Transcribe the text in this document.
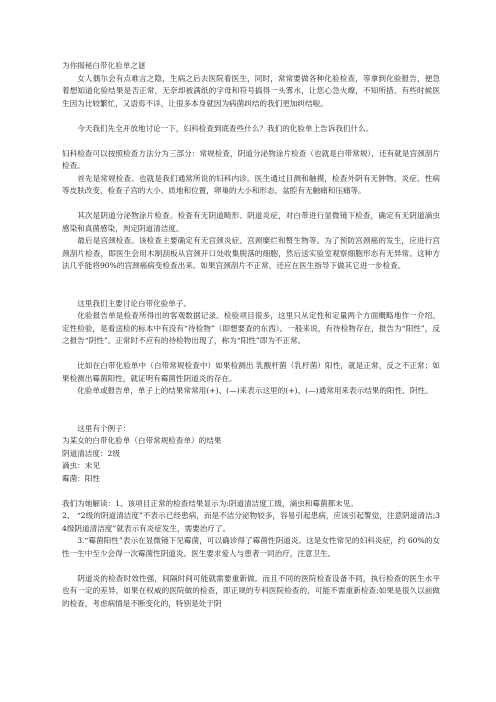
为你揭秘白带化验单之谜

女人偶尔会有点难言之隐，生病之后去医院看医生，同时，常常要做各种化验检查，等拿到化验报告，便急着想知道化验结果是否正常，无奈却被满纸的字母和符号搞得一头雾水，让您心急火燎，不知所措。有些时候医生因为比较繁忙，又语焉不详，让很多本身就因为病菌纠结的我们更加纠结啦。

今天我们先全开放地讨论一下，妇科检查到底查些什么？我们的化验单上告诉我们什么。

妇科检查可以按照检查方法分为三部分：常规检查，阴道分泌物涂片检查（也就是白带常规），还有就是宫颈刮片检查。

首先是常规检查。也就是我们通常所说的妇科内诊。医生通过目测和触摸，检查外阴有无肿物、炎症、性病等皮肤改变，检查子宫的大小、质地和位置，卵巢的大小和形态，盆腔有无触痛和压痛等。

其次是阴道分泌物涂片检查。检查有无阴道畸形、阴道炎症，对白带进行显微镜下检查，确定有无阴道滴虫感染和真菌感染，判定阴道清洁度。

最后是宫颈检查。该检查主要确定有无宫颈炎症、宫颈糜烂和赘生物等。为了预防宫颈癌的发生，应进行宫颈刮片检查，即医生会用木制刮板从宫颈开口处收集脱落的细胞，然后送实验室观察细胞形态有无异常。这种方法几乎能将90%的宫颈癌病变检查出来。如果宫颈刮片不正常，还应在医生指导下做其它进一步检查。

这里我们主要讨论白带化验单子。

化验报告单是检查所得出的客观数据记录。检验项目很多，这里只从定性和定量两个方面概略地作一介绍。定性检验，是看送检的标本中有没有“待检物”（即想要查的东西）。一般来说，有待检物存在，报告为“阳性”，反之报告“阴性”。正常时不应有的待检物出现了，称为“阳性”即为不正常。

比如在白带化验单中（白带常规检查中）如果检测出 乳酸杆菌（乳杆菌）阳性，就是正常，反之不正常；如果检测出霉菌阳性，就证明有霉菌性阴道炎的存在。

化验单或报告单，单子上的结果常常用(+)、(—)来表示这里的(+)、(—)通常用来表示结果的阳性、阴性。

这里有个例子：

为某女的白带化验单（白带常规检查单）的结果

阴道清洁度：2级

滴虫：未见

霉菌：阳性

我们为她解读：1、该项目正常的检查结果显示为:阴道清洁度工级，滴虫和霉菌都未见。

2、 “2级的阴道清洁度”不表示已经患病，而是不洁分泌物较多，容易引起患病，应该引起警觉，注意阴道清洁;3 4级阴道清洁度”就表示有炎症发生，需要治疗了。

3.“霉菌阳性”表示在显微镜下见霉菌，可以确诊得了霉菌性阴道炎。这是女性常见的妇科炎症，约 60%的女性一生中至少会得一次霉菌性阴道炎。医生要求爱人与患者一同治疗，注意卫生。

阴道炎的检查时效性强，间隔时间可能就需要重新做。而且不同的医院检查设备不同，执行检查的医生水平也有一定的差异，如果在权威的医院做的检查，即正规的专科医院检查的，可能不需重新检查;如果是很久以前做的检查，考虑病情是不断变化的，特别是处于阴
